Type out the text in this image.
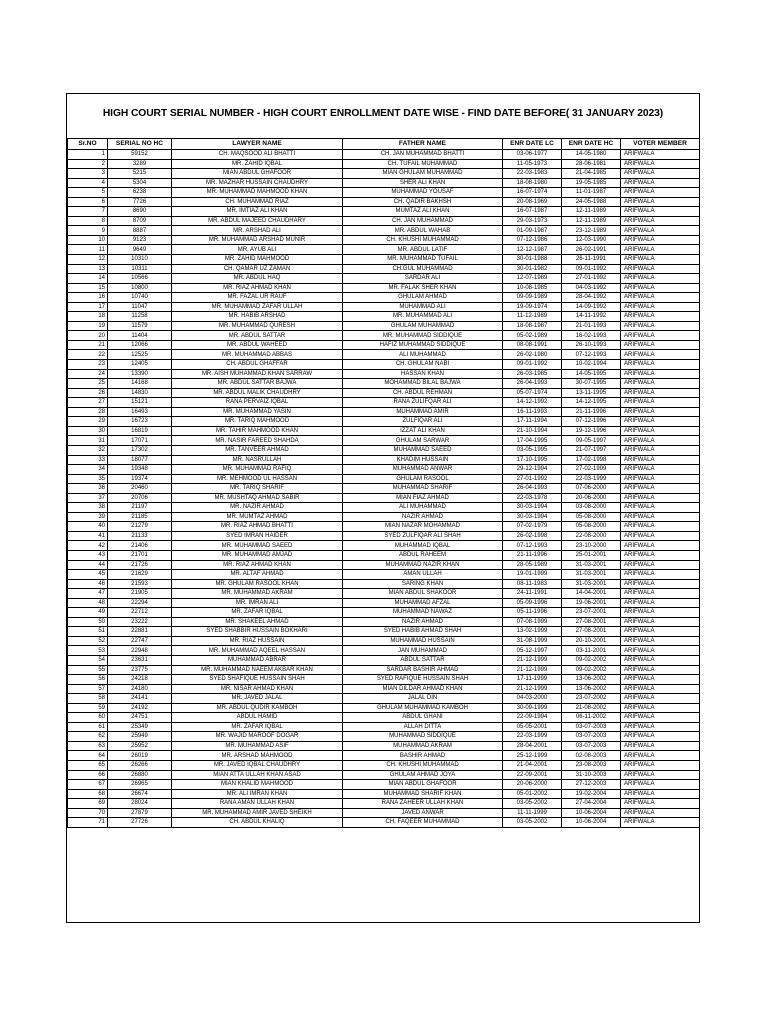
HIGH COURT SERIAL NUMBER - HIGH COURT ENROLLMENT DATE WISE - FIND DATE BEFORE( 31 JANUARY 2023)
Sr.NO	SERIAL NO HC	LAWYER NAME	FATHER NAME	ENR DATE LC	ENR DATE HC	VOTER MEMBER
1	59152	CH. MAQSOOD ALI BHATTI	CH. JAN MUHAMMAD BHATTI	03-06-1977	14-05-1980	ARIFWALA
2	3289	MR. ZAHID IQBAL	CH. TUFAIL MUHAMMAD	11-05-1973	28-06-1981	ARIFWALA
3	5215	MIAN ABDUL GHAFOOR	MIAN GHULAM MUHAMMAD	22-03-1983	21-04-1985	ARIFWALA
4	5304	MR. MAZHAR HUSSAIN CHAUDHRY	SHER ALI KHAN	18-08-1980	19-05-1985	ARIFWALA
5	6238	MR. MUHAMMAD MAHMOOD KHAN	MUHAMMAD YOUSAF	16-07-1974	11-01-1987	ARIFWALA
6	7726	CH. MUHAMMAD RIAZ	CH. QADIR BAKHSH	20-08-1969	24-05-1988	ARIFWALA
7	8690	MR. IMTIAZ ALI KHAN	MUMTAZ ALI KHAN	16-07-1987	12-11-1989	ARIFWALA
8	8709	MR. ABDUL MAJEED CHAUDHARY	CH. JAN MUHAMMAD	29-03-1973	12-11-1989	ARIFWALA
9	8887	MR. ARSHAD ALI	MR. ABDUL WAHAB	01-09-1987	23-12-1989	ARIFWALA
10	9123	MR. MUHAMMAD ARSHAD MUNIR	CH. KHUSHI MUHAMMAD	07-12-1986	12-03-1990	ARIFWALA
11	9649	MR. AYUB ALI	MR. ABDUL LATIF	12-12-1987	26-02-1991	ARIFWALA
12	10310	MR. ZAHID MAHMOOD	MR. MUHAMMAD TUFAIL	30-01-1988	26-11-1991	ARIFWALA
13	10311	CH. QAMAR UZ ZAMAN	CH.GUL MUHAMMAD	30-01-1982	09-01-1992	ARIFWALA
14	10566	MR. ABDUL HAQ	SARDAR ALI	12-07-1989	27-01-1992	ARIFWALA
15	10800	MR. RIAZ AHMAD KHAN	MR. FALAK SHER KHAN	10-08-1985	04-03-1992	ARIFWALA
16	10740	MR. FAZAL UR RAUF	GHULAM AHMAD	09-09-1989	28-04-1992	ARIFWALA
17	11047	MR. MUHAMMAD ZAFAR ULLAH	MUHAMMAD ALI	19-09-1974	14-09-1992	ARIFWALA
18	11258	MR. HABIB ARSHAD	MR. MUHAMMAD ALI	11-12-1989	14-11-1992	ARIFWALA
19	11579	MR. MUHAMMAD QURESH	GHULAM MUHAMMAD	18-08-1987	21-01-1993	ARIFWALA
20	11404	MR. ABDUL SATTAR	MR. MUHAMMAD SIDDIQUE	05-02-1989	16-02-1993	ARIFWALA
21	12066	MR. ABDUL WAHEED	HAFIZ MUHAMMAD SIDDIQUE	08-08-1991	26-10-1993	ARIFWALA
22	12525	MR. MUHAMMAD ABBAS	ALI MUHAMMAD	26-02-1980	07-12-1993	ARIFWALA
23	12405	CH. ABDUL GHAFFAR	CH. GHULAM NABI	09-01-1992	10-02-1994	ARIFWALA
24	13390	MR. AISH MUHAMMAD KHAN SARRAW	HASSAN KHAN	26-03-1985	14-05-1995	ARIFWALA
25	14168	MR. ABDUL SATTAR BAJWA	MOHAMMAD BILAL BAJWA	26-04-1993	30-07-1995	ARIFWALA
26	14830	MR. ABDUL MALIK CHAUDHRY	CH. ABDUL REHMAN	05-07-1974	13-11-1995	ARIFWALA
27	15121	RANA PERVAIZ IQBAL	RANA ZULIFQAR ALI	14-12-1992	14-12-1995	ARIFWALA
28	16493	MR. MUHAMMAD YASIN	MUHAMMAD AMIR	16-11-1993	21-11-1996	ARIFWALA
29	16723	MR. TARIQ MAHMOOD	ZULFIQAR ALI	17-11-1994	07-12-1996	ARIFWALA
30	16819	MR. TAHIR MAHMOOD KHAN	IZZAT ALI KHAN	21-10-1994	19-12-1996	ARIFWALA
31	17071	MR. NASIR FAREED SHAHDA	GHULAM SARWAR	17-04-1995	09-05-1997	ARIFWALA
32	17302	MR. TANVEER AHMAD	MUHAMMAD SAEED	03-05-1995	21-07-1997	ARIFWALA
33	18077	MR. NASRULLAH	KHADIM HUSSAIN	17-10-1995	17-02-1998	ARIFWALA
34	19348	MR. MUHAMMAD RAFIQ	MUHAMMAD ANWAR	29-12-1994	27-02-1999	ARIFWALA
35	19374	MR. MEHMOOD UL HASSAN	GHULAM RASOOL	27-01-1992	22-03-1999	ARIFWALA
36	20460	MR. TARIQ SHARIF	MUHAMMAD SHARIF	26-04-1993	07-06-2000	ARIFWALA
37	20706	MR. MUSHTAQ AHMAD SABIR	MIAN FIAZ AHMAD	22-03-1978	20-06-2000	ARIFWALA
38	21197	MR. NAZIR AHMAD	ALI MUHAMMAD	30-03-1994	03-08-2000	ARIFWALA
39	21185	MR. MUMTAZ AHMAD	NAZIR AHMAD	30-03-1994	05-08-2000	ARIFWALA
40	21279	MR. RIAZ AHMAD BHATTI	MIAN NAZAR MOHAMMAD	07-02-1979	05-08-2000	ARIFWALA
41	21133	SYED IMRAN HAIDER	SYED ZULFIQAR ALI SHAH	26-02-1998	22-08-2000	ARIFWALA
42	21406	MR. MUHAMMAD SAEED	MUHAMMAD IQBAL	07-12-1993	23-10-2000	ARIFWALA
43	21701	MR. MUHAMMAD AMJAD	ABDUL RAHEEM	21-11-1996	25-01-2001	ARIFWALA
44	21726	MR. RIAZ AHMAD KHAN	MUHAMMAD NAZIR KHAN	28-05-1989	31-03-2001	ARIFWALA
45	21629	MR. ALTAF AHMAD	AMAN ULLAH	19-01-1999	31-03-2001	ARIFWALA
46	21593	MR. GHULAM RASOOL KHAN	SARING KHAN	08-11-1983	31-03-2001	ARIFWALA
47	21905	MR. MUHAMMAD AKRAM	MIAN ABDUL SHAKOOR	24-11-1991	14-04-2001	ARIFWALA
48	22294	MR. IMRAN ALI	MUHAMMAD AFZAL	05-09-1996	19-06-2001	ARIFWALA
49	22712	MR. ZAFAR IQBAL	MUHAMMAD NAWAZ	05-11-1996	23-07-2001	ARIFWALA
50	23222	MR. SHAKEEL AHMAD	NAZIR AHMAD	07-08-1999	27-08-2001	ARIFWALA
51	22881	SYED SHABBIR HUSSAIN BOKHARI	SYED HABIB AHMAD SHAH	13-02-1999	27-08-2001	ARIFWALA
52	22747	MR. RIAZ HUSSAIN	MUHAMMAD HUSSAIN	31-08-1999	20-10-2001	ARIFWALA
53	22948	MR. MUHAMMAD AQEEL HASSAN	JAN MUHAMMAD	05-12-1997	03-11-2001	ARIFWALA
54	23631	MUHAMMAD ABRAR	ABDUL SATTAR	21-12-1999	09-02-2002	ARIFWALA
55	23775	MR. MUHAMMAD NAEEM AKBAR KHAN	SARDAR BASHIR AHMAD	21-12-1999	09-02-2002	ARIFWALA
56	24218	SYED SHAFIQUE HUSSAIN SHAH	SYED RAFIQUE HUSSAIN SHAH	17-11-1999	13-06-2002	ARIFWALA
57	24180	MR. NISAR AHMAD KHAN	MIAN DILDAR AHMAD KHAN	21-12-1999	13-06-2002	ARIFWALA
58	24141	MR. JAVED JALAL	JALAL DIN	04-03-2000	23-07-2002	ARIFWALA
59	24192	MR. ABDUL QUDIR KAMBOH	GHULAM MUHAMMAD KAMBOH	30-09-1999	21-08-2002	ARIFWALA
60	24751	ABDUL HAMID	ABDUL GHANI	22-09-1994	06-11-2002	ARIFWALA
61	25349	MR. ZAFAR IQBAL	ALLAH DITTA	05-05-2001	03-07-2003	ARIFWALA
62	25949	MR. WAJID MAROOF DOGAR	MUHAMMAD SIDDIQUE	22-03-1999	03-07-2003	ARIFWALA
63	25952	MR. MUHAMMAD ASIF	MUHAMMAD AKRAM	28-04-2001	03-07-2003	ARIFWALA
64	26019	MR. ARSHAD MAHMOOD	BASHIR AHMAD	25-12-1999	02-08-2003	ARIFWALA
65	26266	MR. JAVED IQBAL CHAUDHRY	CH. KHUSHI MUHAMMAD	21-04-2001	23-08-2003	ARIFWALA
66	26880	MIAN ATTA ULLAH KHAN ASAD	GHULAM AHMAD JOYA	22-09-2001	31-10-2003	ARIFWALA
67	26965	MIAN KHALID MAHMOOD	MIAN ABDUL GHAFOOR	20-06-2000	27-12-2003	ARIFWALA
68	26674	MR. ALI IMRAN KHAN	MUHAMMAD SHARIF KHAN	05-01-2002	19-02-2004	ARIFWALA
69	28024	RANA AMAN ULLAH KHAN	RANA ZAHEER ULLAH KHAN	03-05-2002	27-04-2004	ARIFWALA
70	27879	MR. MUHAMMAD AMIR JAVED SHEIKH	JAVED ANWAR	11-11-1999	10-06-2004	ARIFWALA
71	27726	CH. ABDUL KHALIQ	CH. FAQEER MUHAMMAD	03-05-2002	10-06-2004	ARIFWALA
